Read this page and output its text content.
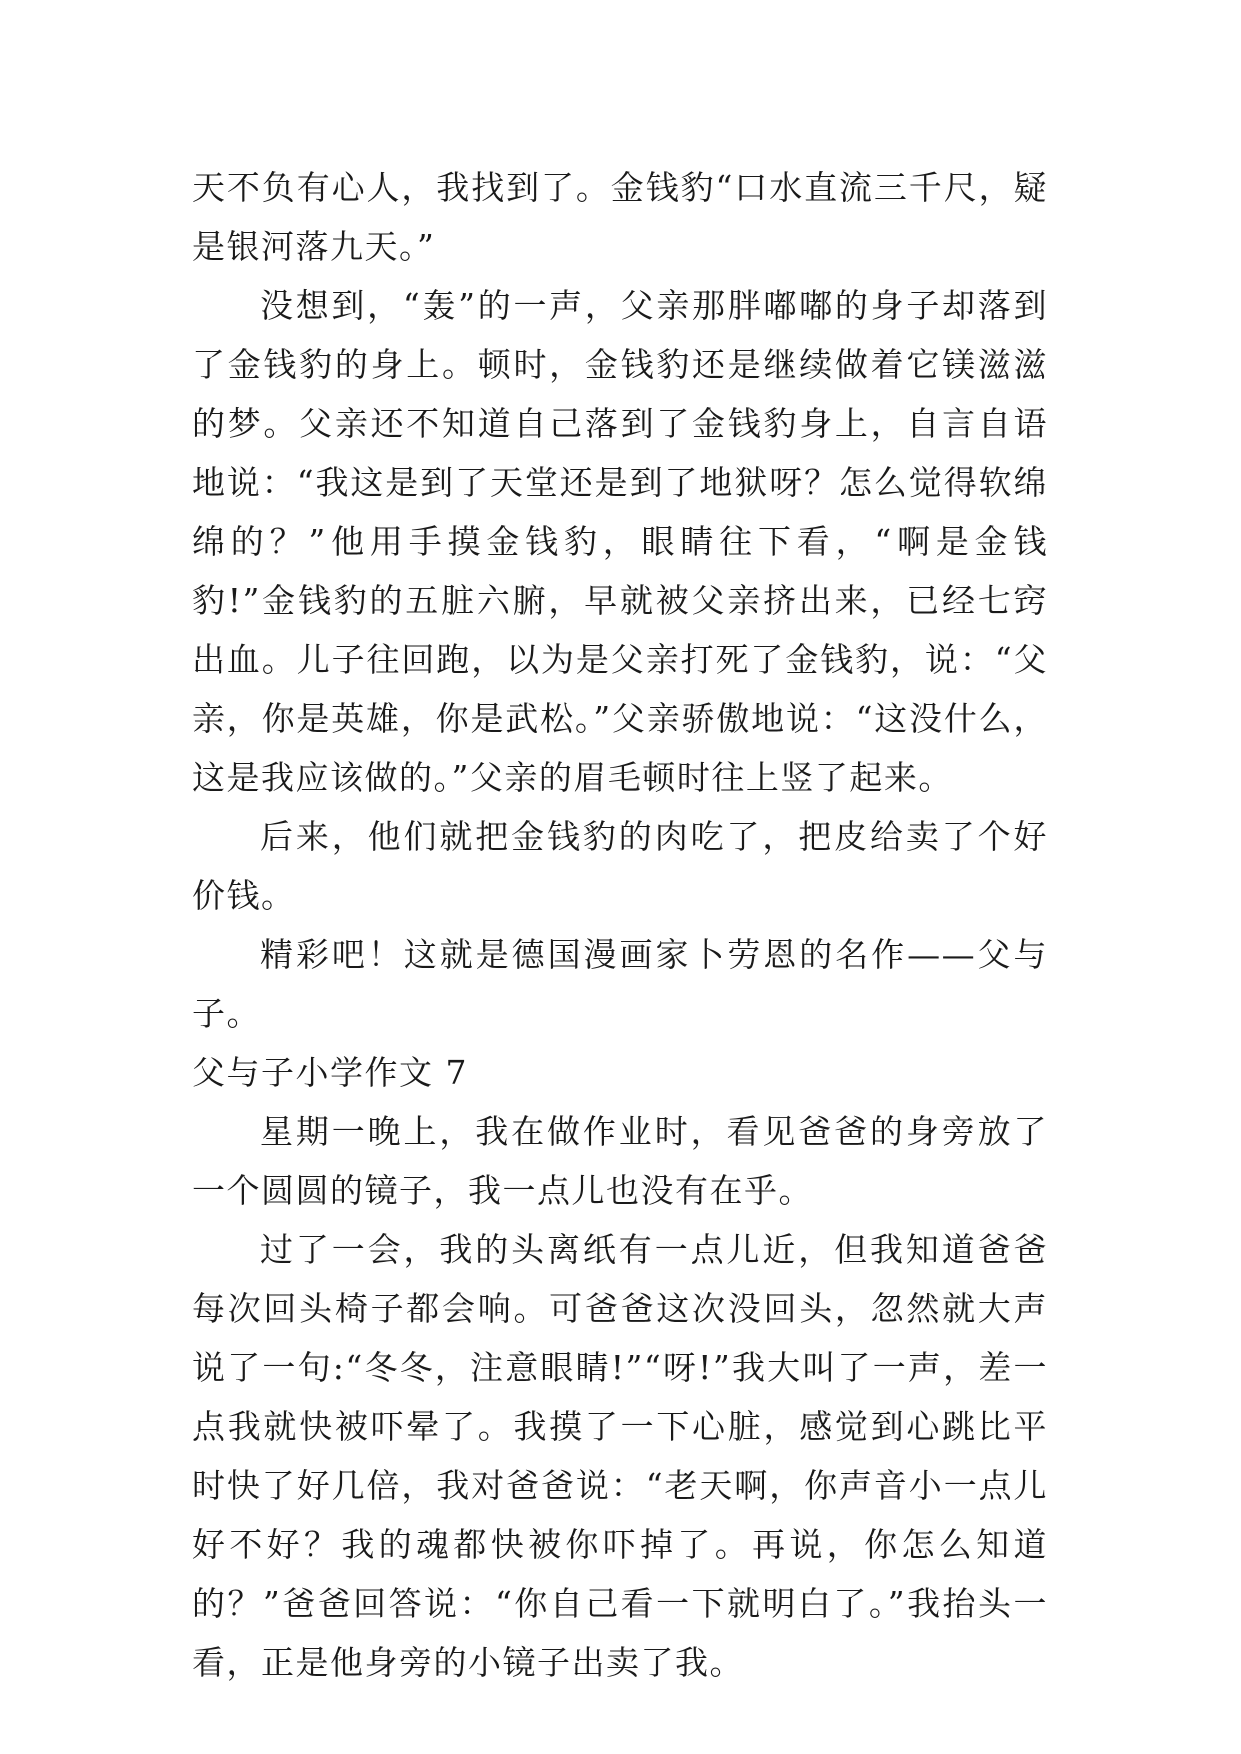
天不负有心人，我找到了。金钱豹“口水直流三千尺，疑是银河落九天。”

没想到，“轰”的一声，父亲那胖嘟嘟的身子却落到了金钱豹的身上。顿时，金钱豹还是继续做着它镁滋滋的梦。父亲还不知道自己落到了金钱豹身上，自言自语地说：“我这是到了天堂还是到了地狱呀？怎么觉得软绵绵的？”他用手摸金钱豹，眼睛往下看，“啊是金钱豹!”金钱豹的五脏六腑，早就被父亲挤出来，已经七窍出血。儿子往回跑，以为是父亲打死了金钱豹，说：“父亲，你是英雄，你是武松。”父亲骄傲地说：“这没什么，这是我应该做的。”父亲的眉毛顿时往上竖了起来。

后来，他们就把金钱豹的肉吃了，把皮给卖了个好价钱。

精彩吧！这就是德国漫画家卜劳恩的名作——父与子。

父与子小学作文 7

星期一晚上，我在做作业时，看见爸爸的身旁放了一个圆圆的镜子，我一点儿也没有在乎。

过了一会，我的头离纸有一点儿近，但我知道爸爸每次回头椅子都会响。可爸爸这次没回头，忽然就大声说了一句:“冬冬，注意眼睛!”“呀!”我大叫了一声，差一点我就快被吓晕了。我摸了一下心脏，感觉到心跳比平时快了好几倍，我对爸爸说：“老天啊，你声音小一点儿好不好？我的魂都快被你吓掉了。再说，你怎么知道的？”爸爸回答说：“你自己看一下就明白了。”我抬头一看，正是他身旁的小镜子出卖了我。
